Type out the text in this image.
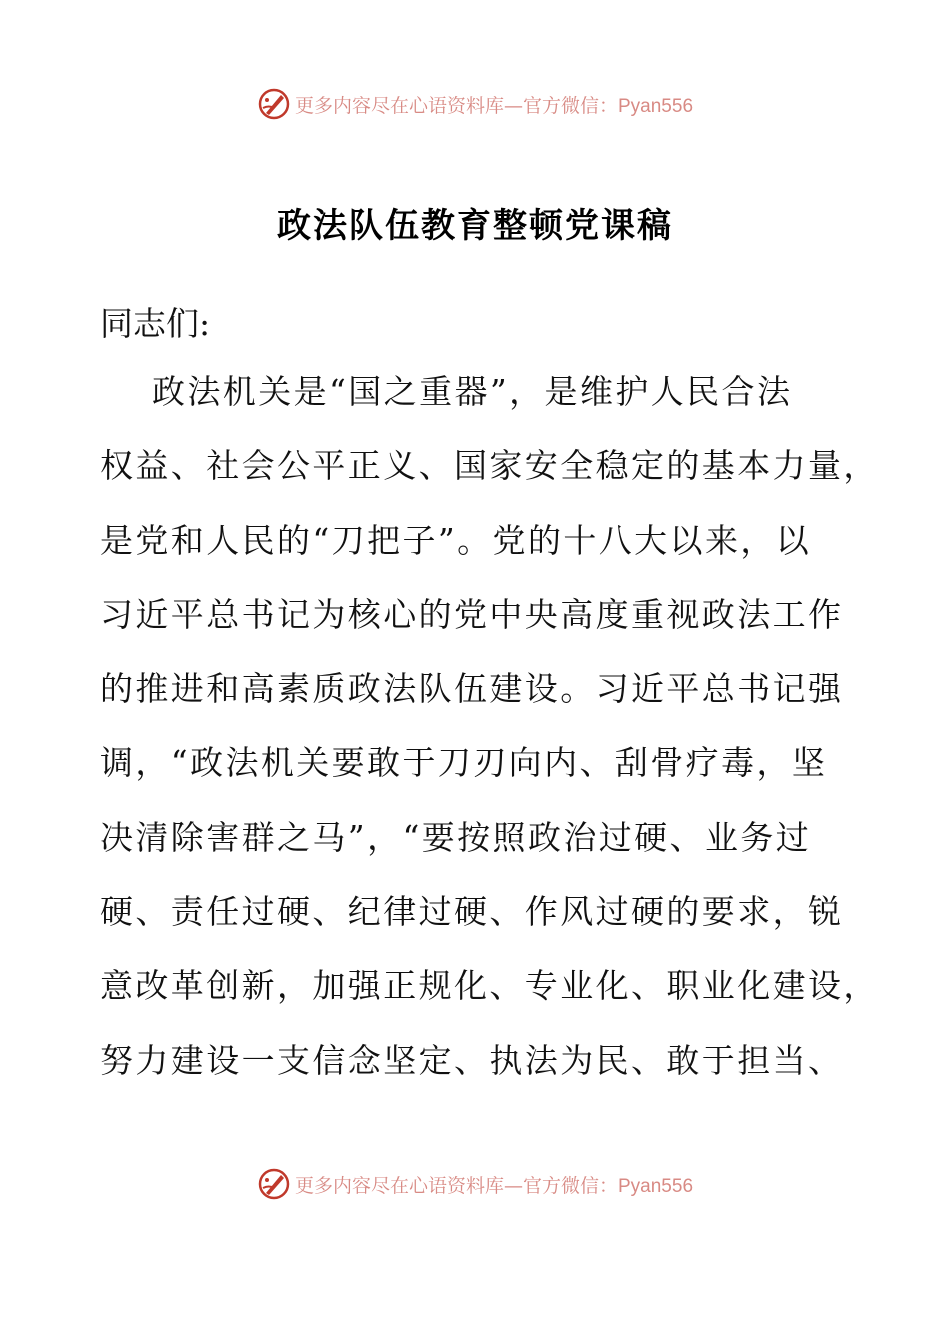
更多内容尽在心语资料库—官方微信：Pyan556
政法队伍教育整顿党课稿
同志们:
政法机关是“国之重器”，是维护人民合法
权益、社会公平正义、国家安全稳定的基本力量，
是党和人民的“刀把子”。党的十八大以来，以
习近平总书记为核心的党中央高度重视政法工作
的推进和高素质政法队伍建设。习近平总书记强
调，“政法机关要敢于刀刃向内、刮骨疗毒，坚
决清除害群之马”，“要按照政治过硬、业务过
硬、责任过硬、纪律过硬、作风过硬的要求，锐
意改革创新，加强正规化、专业化、职业化建设，
努力建设一支信念坚定、执法为民、敢于担当、
更多内容尽在心语资料库—官方微信：Pyan556
